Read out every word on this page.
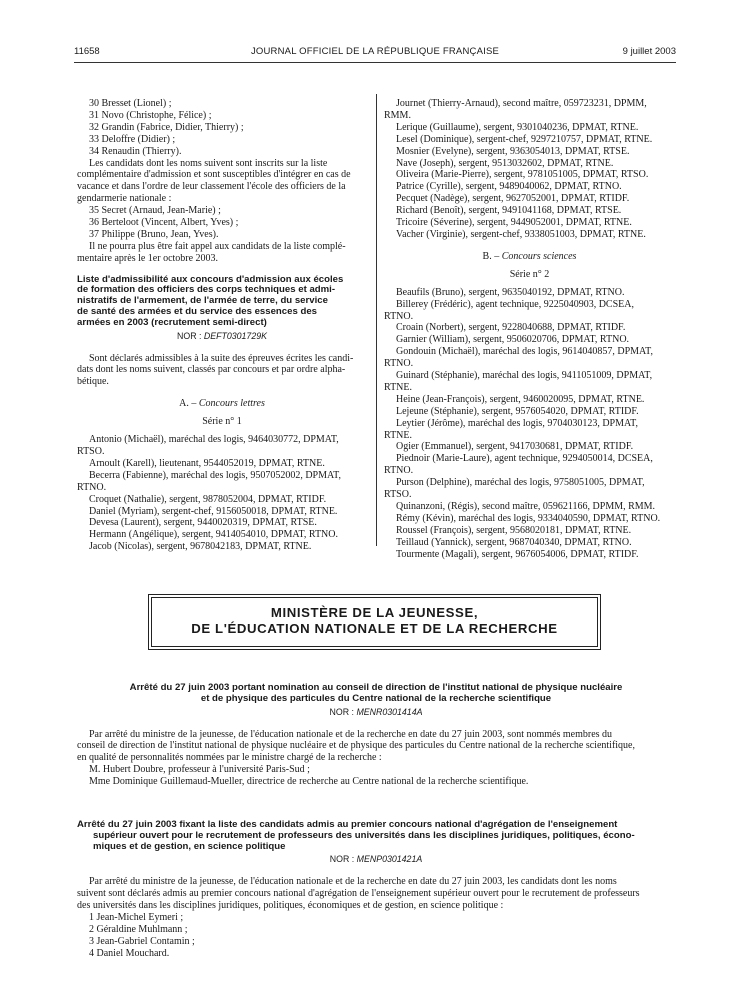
11658	JOURNAL OFFICIEL DE LA RÉPUBLIQUE FRANÇAISE	9 juillet 2003
30 Bresset (Lionel) ;
31 Novo (Christophe, Félice) ;
32 Grandin (Fabrice, Didier, Thierry) ;
33 Deloffre (Didier) ;
34 Renaudin (Thierry).
Les candidats dont les noms suivent sont inscrits sur la liste
complémentaire d'admission et sont susceptibles d'intégrer en cas de
vacance et dans l'ordre de leur classement l'école des officiers de la
gendarmerie nationale :
35 Secret (Arnaud, Jean-Marie) ;
36 Berteloot (Vincent, Albert, Yves) ;
37 Philippe (Bruno, Jean, Yves).
Il ne pourra plus être fait appel aux candidats de la liste complé-
mentaire après le 1er octobre 2003.
Liste d'admissibilité aux concours d'admission aux écoles
de formation des officiers des corps techniques et admi-
nistratifs de l'armement, de l'armée de terre, du service
de santé des armées et du service des essences des
armées en 2003 (recrutement semi-direct)
NOR : DEFT0301729K
Sont déclarés admissibles à la suite des épreuves écrites les candi-
dats dont les noms suivent, classés par concours et par ordre alpha-
bétique.
A. – Concours lettres
Série n° 1
Antonio (Michaël), maréchal des logis, 9464030772, DPMAT,
RTSO.
Arnoult (Karell), lieutenant, 9544052019, DPMAT, RTNE.
Becerra (Fabienne), maréchal des logis, 9507052002, DPMAT,
RTNO.
Croquet (Nathalie), sergent, 9878052004, DPMAT, RTIDF.
Daniel (Myriam), sergent-chef, 9156050018, DPMAT, RTNE.
Devesa (Laurent), sergent, 9440020319, DPMAT, RTSE.
Hermann (Angélique), sergent, 9414054010, DPMAT, RTNO.
Jacob (Nicolas), sergent, 9678042183, DPMAT, RTNE.
Journet (Thierry-Arnaud), second maître, 059723231, DPMM,
RMM.
Lerique (Guillaume), sergent, 9301040236, DPMAT, RTNE.
Lesel (Dominique), sergent-chef, 9297210757, DPMAT, RTNE.
Mosnier (Evelyne), sergent, 9363054013, DPMAT, RTSE.
Nave (Joseph), sergent, 9513032602, DPMAT, RTNE.
Oliveira (Marie-Pierre), sergent, 9781051005, DPMAT, RTSO.
Patrice (Cyrille), sergent, 9489040062, DPMAT, RTNO.
Pecquet (Nadège), sergent, 9627052001, DPMAT, RTIDF.
Richard (Benoît), sergent, 9491041168, DPMAT, RTSE.
Tricoire (Séverine), sergent, 9449052001, DPMAT, RTNE.
Vacher (Virginie), sergent-chef, 9338051003, DPMAT, RTNE.
B. – Concours sciences
Série n° 2
Beaufils (Bruno), sergent, 9635040192, DPMAT, RTNO.
Billerey (Frédéric), agent technique, 9225040903, DCSEA,
RTNO.
Croain (Norbert), sergent, 9228040688, DPMAT, RTIDF.
Garnier (William), sergent, 9506020706, DPMAT, RTNO.
Gondouin (Michaël), maréchal des logis, 9614040857, DPMAT,
RTNO.
Guinard (Stéphanie), maréchal des logis, 9411051009, DPMAT,
RTNE.
Heine (Jean-François), sergent, 9460020095, DPMAT, RTNE.
Lejeune (Stéphanie), sergent, 9576054020, DPMAT, RTIDF.
Leytier (Jérôme), maréchal des logis, 9704030123, DPMAT,
RTNE.
Ogier (Emmanuel), sergent, 9417030681, DPMAT, RTIDF.
Piednoir (Marie-Laure), agent technique, 9294050014, DCSEA,
RTNO.
Purson (Delphine), maréchal des logis, 9758051005, DPMAT,
RTSO.
Quinanzoni, (Régis), second maître, 059621166, DPMM, RMM.
Rémy (Kévin), maréchal des logis, 9334040590, DPMAT, RTNO.
Roussel (François), sergent, 9568020181, DPMAT, RTNE.
Teillaud (Yannick), sergent, 9687040340, DPMAT, RTNO.
Tourmente (Magali), sergent, 9676054006, DPMAT, RTIDF.
MINISTÈRE DE LA JEUNESSE,
DE L'ÉDUCATION NATIONALE ET DE LA RECHERCHE
Arrêté du 27 juin 2003 portant nomination au conseil de direction de l'institut national de physique nucléaire
et de physique des particules du Centre national de la recherche scientifique
NOR : MENR0301414A
Par arrêté du ministre de la jeunesse, de l'éducation nationale et de la recherche en date du 27 juin 2003, sont nommés membres du
conseil de direction de l'institut national de physique nucléaire et de physique des particules du Centre national de la recherche scientifique,
en qualité de personnalités nommées par le ministre chargé de la recherche :
M. Hubert Doubre, professeur à l'université Paris-Sud ;
Mme Dominique Guillemaud-Mueller, directrice de recherche au Centre national de la recherche scientifique.
Arrêté du 27 juin 2003 fixant la liste des candidats admis au premier concours national d'agrégation de l'enseignement
supérieur ouvert pour le recrutement de professeurs des universités dans les disciplines juridiques, politiques, écono-
miques et de gestion, en science politique
NOR : MENP0301421A
Par arrêté du ministre de la jeunesse, de l'éducation nationale et de la recherche en date du 27 juin 2003, les candidats dont les noms
suivent sont déclarés admis au premier concours national d'agrégation de l'enseignement supérieur ouvert pour le recrutement de professeurs
des universités dans les disciplines juridiques, politiques, économiques et de gestion, en science politique :
1 Jean-Michel Eymeri ;
2 Géraldine Muhlmann ;
3 Jean-Gabriel Contamin ;
4 Daniel Mouchard.
